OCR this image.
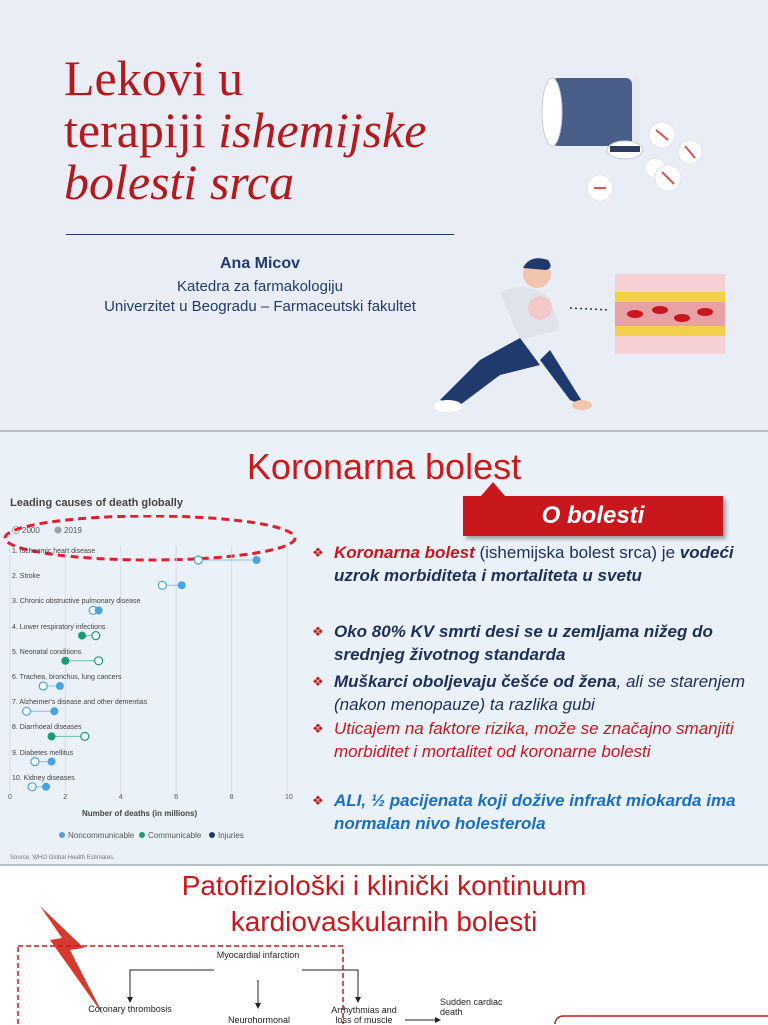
Lekovi u
terapiji ishemijske
bolesti srca
Ana Micov
Katedra za farmakologiju
Univerzitet u Beogradu – Farmaceutski fakultet
Koronarna bolest
O bolesti
Leading causes of death globally
2000	2019
1. Ischaemic heart disease
2. Stroke
3. Chronic obstructive pulmonary disease
4. Lower respiratory infections
5. Neonatal conditions
6. Trachea, bronchus, lung cancers
7. Alzheimer's disease and other dementias
8. Diarrhoeal diseases
9. Diabetes mellitus
10. Kidney diseases
0	2	4	6	8	10
Number of deaths (in millions)
Noncommunicable Communicable Injuries
Source: WHO Global Health Estimates.
❖ Koronarna bolest (ishemijska bolest srca) je vodeći uzrok morbiditeta i mortaliteta u svetu
❖ Oko 80% KV smrti desi se u zemljama nižeg do srednjeg životnog standarda
❖ Muškarci obolјevaju češće od žena, ali se starenjem (nakon menopauze) ta razlika gubi
❖ Uticajem na faktore rizika, može se značajno smanjiti morbiditet i mortalitet od koronarne bolesti
❖ ALI, ½ pacijenata koji dožive infrakt miokarda ima normalan nivo holesterola
Patofiziološki i klinički kontinuum
kardiovaskularnih bolesti
Myocardial infarction
Coronary thrombosis
Neurohormonal
Arrhythmias and loss of muscle
Sudden cardiac death
